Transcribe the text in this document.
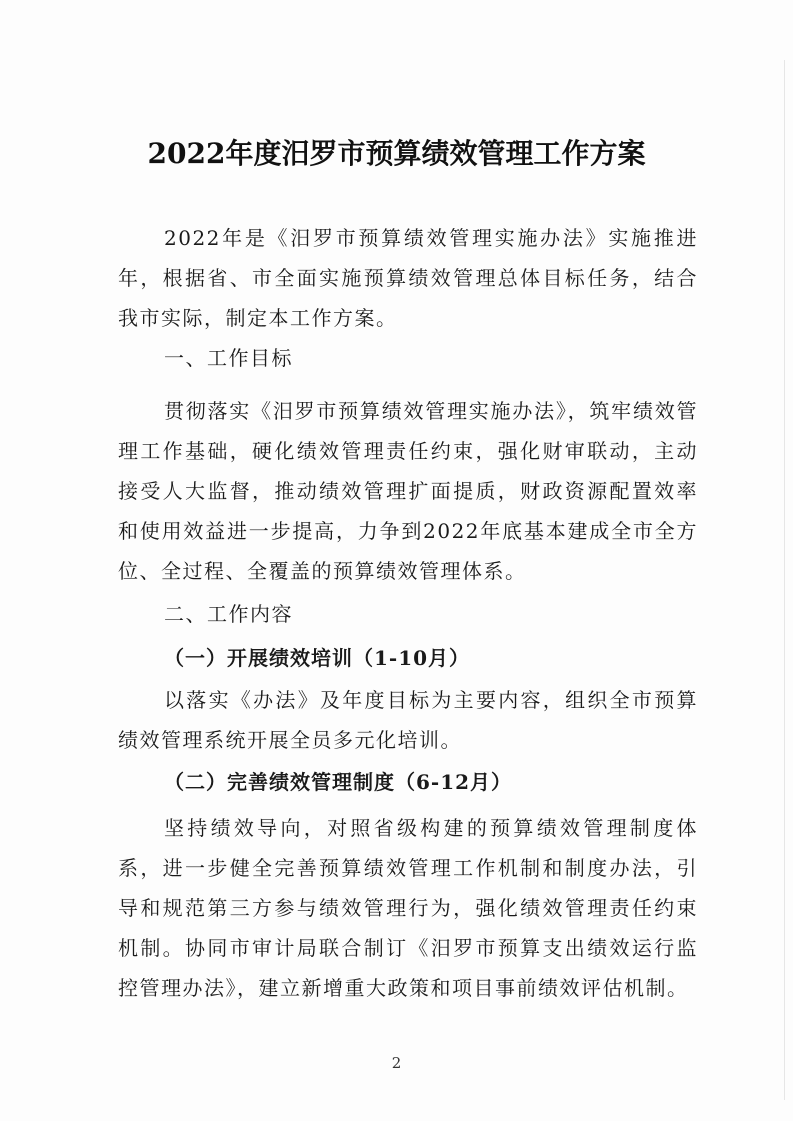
2022年度汨罗市预算绩效管理工作方案

2022年是《汨罗市预算绩效管理实施办法》实施推进年，根据省、市全面实施预算绩效管理总体目标任务，结合我市实际，制定本工作方案。

一、工作目标

贯彻落实《汨罗市预算绩效管理实施办法》，筑牢绩效管理工作基础，硬化绩效管理责任约束，强化财审联动，主动接受人大监督，推动绩效管理扩面提质，财政资源配置效率和使用效益进一步提高，力争到2022年底基本建成全市全方位、全过程、全覆盖的预算绩效管理体系。

二、工作内容

（一）开展绩效培训（1-10月）

以落实《办法》及年度目标为主要内容，组织全市预算绩效管理系统开展全员多元化培训。

（二）完善绩效管理制度（6-12月）

坚持绩效导向，对照省级构建的预算绩效管理制度体系，进一步健全完善预算绩效管理工作机制和制度办法，引导和规范第三方参与绩效管理行为，强化绩效管理责任约束机制。协同市审计局联合制订《汨罗市预算支出绩效运行监控管理办法》，建立新增重大政策和项目事前绩效评估机制。

2
